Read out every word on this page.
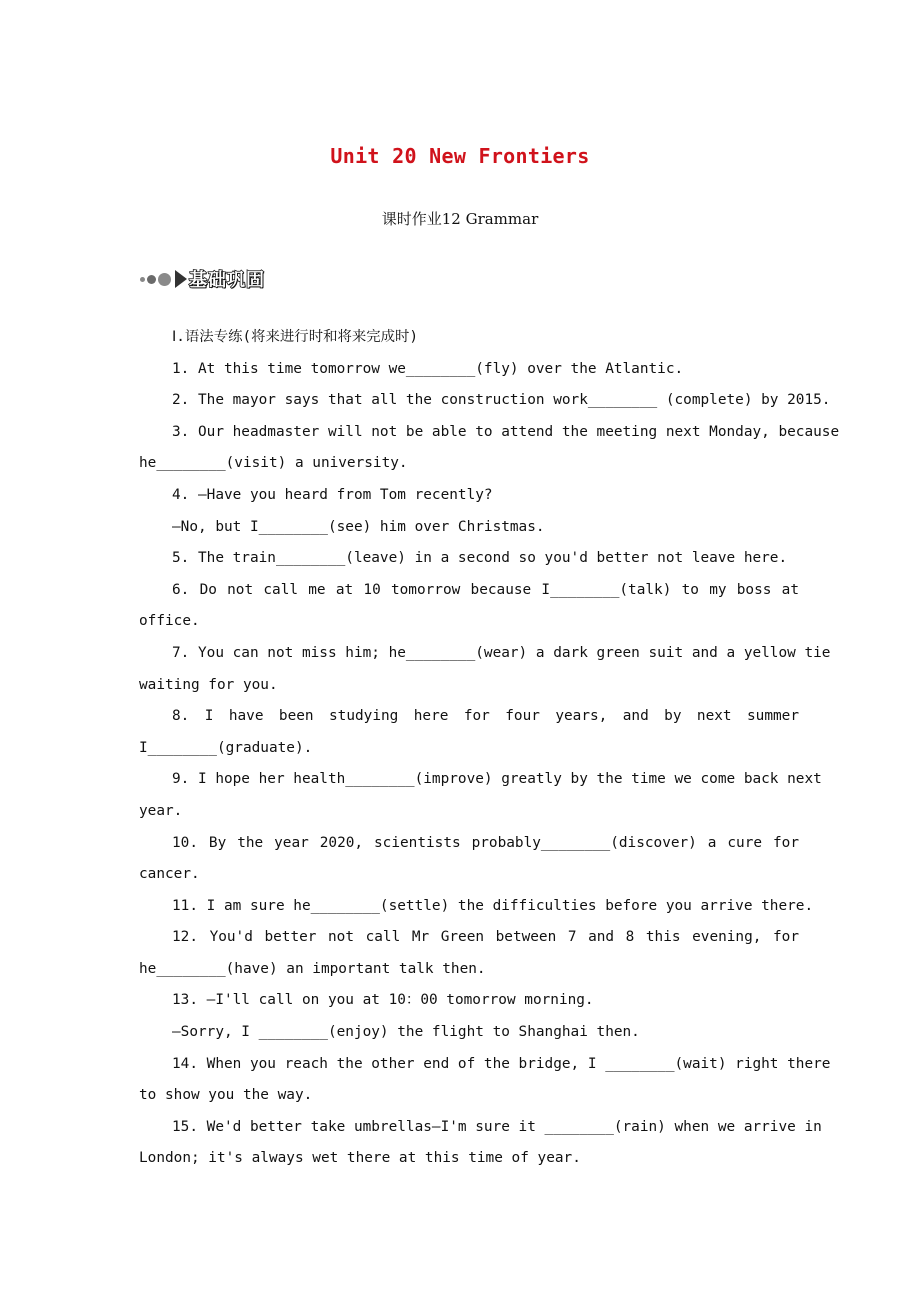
Unit 20 New Frontiers
课时作业12 Grammar
基础巩固
Ⅰ.语法专练(将来进行时和将来完成时)
1. At this time tomorrow we________(fly) over the Atlantic.
2. The mayor says that all the construction work________ (complete) by 2015.
3. Our headmaster will not be able to attend the meeting next Monday, because
he________(visit) a university.
4. —Have you heard from Tom recently?
—No, but I________(see) him over Christmas.
5. The train________(leave) in a second so you'd better not leave here.
6. Do not call me at 10 tomorrow because I________(talk) to my boss at
office.
7. You can not miss him; he________(wear) a dark green suit and a yellow tie
waiting for you.
8. I have been studying here for four years, and by next summer
I________(graduate).
9. I hope her health________(improve) greatly by the time we come back next
year.
10. By the year 2020, scientists probably________(discover) a cure for
cancer.
11. I am sure he________(settle) the difficulties before you arrive there.
12. You'd better not call Mr Green between 7 and 8 this evening, for
he________(have) an important talk then.
13. —I'll call on you at 10：00 tomorrow morning.
—Sorry, I ________(enjoy) the flight to Shanghai then.
14. When you reach the other end of the bridge, I ________(wait) right there
to show you the way.
15. We'd better take umbrellas—I'm sure it ________(rain) when we arrive in
London; it's always wet there at this time of year.
